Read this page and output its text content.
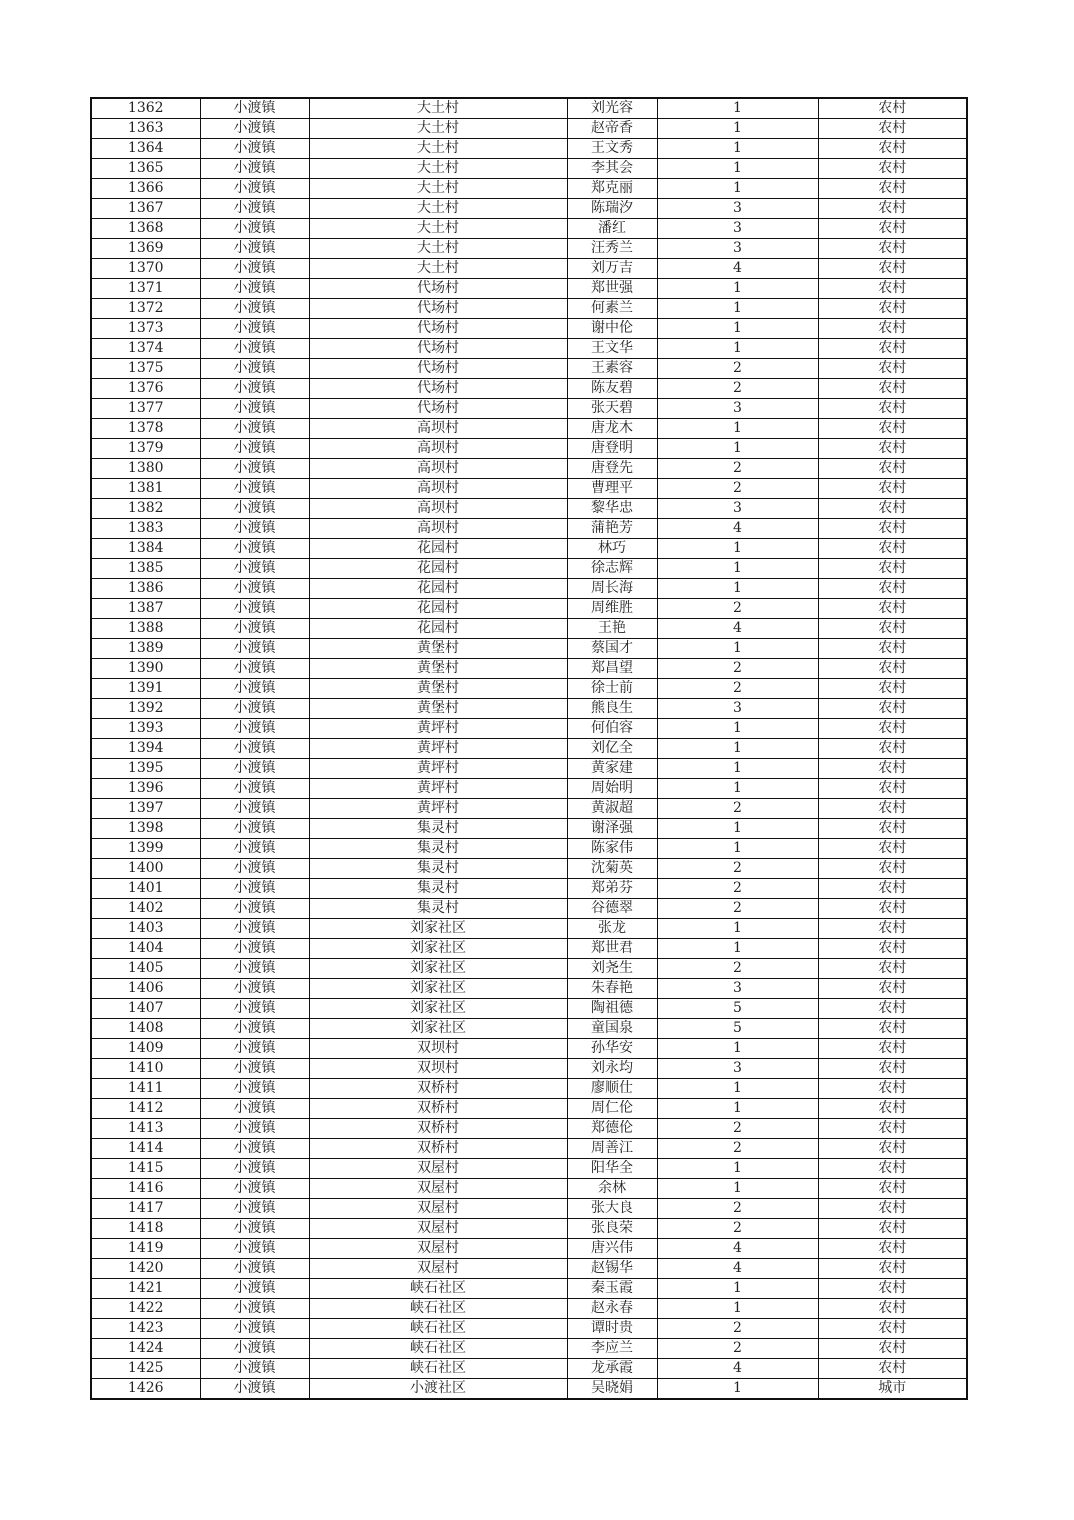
1362	小渡镇	大土村	刘光容	1	农村
1363	小渡镇	大土村	赵帝香	1	农村
1364	小渡镇	大土村	王文秀	1	农村
1365	小渡镇	大土村	李其会	1	农村
1366	小渡镇	大土村	郑克丽	1	农村
1367	小渡镇	大土村	陈瑞汐	3	农村
1368	小渡镇	大土村	潘红	3	农村
1369	小渡镇	大土村	汪秀兰	3	农村
1370	小渡镇	大土村	刘万吉	4	农村
1371	小渡镇	代场村	郑世强	1	农村
1372	小渡镇	代场村	何素兰	1	农村
1373	小渡镇	代场村	谢中伦	1	农村
1374	小渡镇	代场村	王文华	1	农村
1375	小渡镇	代场村	王素容	2	农村
1376	小渡镇	代场村	陈友碧	2	农村
1377	小渡镇	代场村	张天碧	3	农村
1378	小渡镇	高坝村	唐龙木	1	农村
1379	小渡镇	高坝村	唐登明	1	农村
1380	小渡镇	高坝村	唐登先	2	农村
1381	小渡镇	高坝村	曹理平	2	农村
1382	小渡镇	高坝村	黎华忠	3	农村
1383	小渡镇	高坝村	蒲艳芳	4	农村
1384	小渡镇	花园村	林巧	1	农村
1385	小渡镇	花园村	徐志辉	1	农村
1386	小渡镇	花园村	周长海	1	农村
1387	小渡镇	花园村	周维胜	2	农村
1388	小渡镇	花园村	王艳	4	农村
1389	小渡镇	黄堡村	蔡国才	1	农村
1390	小渡镇	黄堡村	郑昌望	2	农村
1391	小渡镇	黄堡村	徐士前	2	农村
1392	小渡镇	黄堡村	熊良生	3	农村
1393	小渡镇	黄坪村	何伯容	1	农村
1394	小渡镇	黄坪村	刘亿全	1	农村
1395	小渡镇	黄坪村	黄家建	1	农村
1396	小渡镇	黄坪村	周始明	1	农村
1397	小渡镇	黄坪村	黄淑超	2	农村
1398	小渡镇	集灵村	谢泽强	1	农村
1399	小渡镇	集灵村	陈家伟	1	农村
1400	小渡镇	集灵村	沈菊英	2	农村
1401	小渡镇	集灵村	郑弟芬	2	农村
1402	小渡镇	集灵村	谷德翠	2	农村
1403	小渡镇	刘家社区	张龙	1	农村
1404	小渡镇	刘家社区	郑世君	1	农村
1405	小渡镇	刘家社区	刘尧生	2	农村
1406	小渡镇	刘家社区	朱春艳	3	农村
1407	小渡镇	刘家社区	陶祖德	5	农村
1408	小渡镇	刘家社区	童国泉	5	农村
1409	小渡镇	双坝村	孙华安	1	农村
1410	小渡镇	双坝村	刘永均	3	农村
1411	小渡镇	双桥村	廖顺仕	1	农村
1412	小渡镇	双桥村	周仁伦	1	农村
1413	小渡镇	双桥村	郑德伦	2	农村
1414	小渡镇	双桥村	周善江	2	农村
1415	小渡镇	双屋村	阳华全	1	农村
1416	小渡镇	双屋村	余林	1	农村
1417	小渡镇	双屋村	张大良	2	农村
1418	小渡镇	双屋村	张良荣	2	农村
1419	小渡镇	双屋村	唐兴伟	4	农村
1420	小渡镇	双屋村	赵锡华	4	农村
1421	小渡镇	峡石社区	秦玉霞	1	农村
1422	小渡镇	峡石社区	赵永春	1	农村
1423	小渡镇	峡石社区	谭时贵	2	农村
1424	小渡镇	峡石社区	李应兰	2	农村
1425	小渡镇	峡石社区	龙承霞	4	农村
1426	小渡镇	小渡社区	吴晓娟	1	城市
